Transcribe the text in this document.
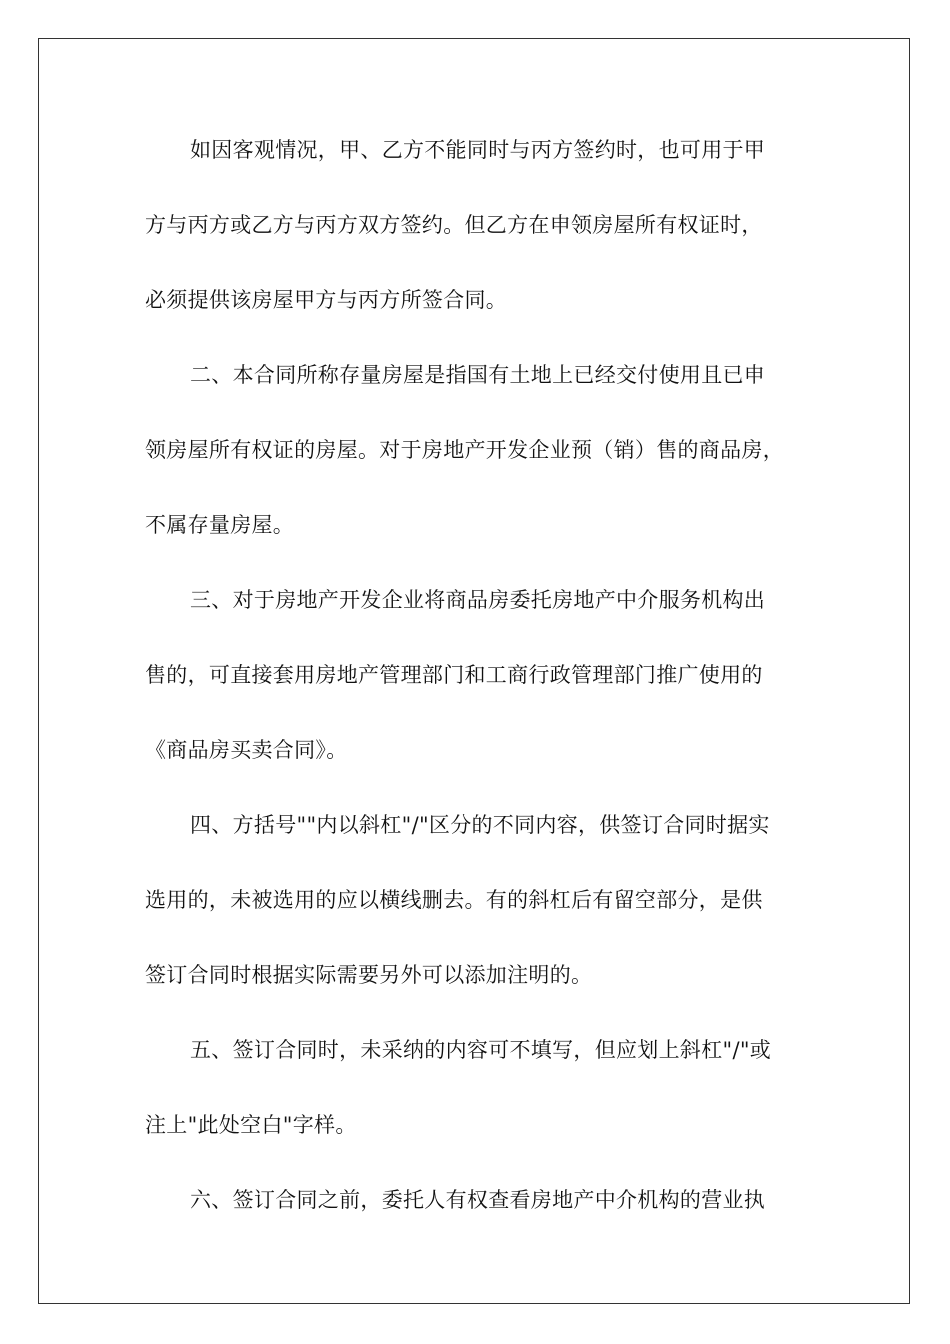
如因客观情况，甲、乙方不能同时与丙方签约时，也可用于甲
方与丙方或乙方与丙方双方签约。但乙方在申领房屋所有权证时，
必须提供该房屋甲方与丙方所签合同。
二、本合同所称存量房屋是指国有土地上已经交付使用且已申
领房屋所有权证的房屋。对于房地产开发企业预（销）售的商品房，
不属存量房屋。
三、对于房地产开发企业将商品房委托房地产中介服务机构出
售的，可直接套用房地产管理部门和工商行政管理部门推广使用的
《商品房买卖合同》。
四、方括号""内以斜杠"/"区分的不同内容，供签订合同时据实
选用的，未被选用的应以横线删去。有的斜杠后有留空部分，是供
签订合同时根据实际需要另外可以添加注明的。
五、签订合同时，未采纳的内容可不填写，但应划上斜杠"/"或
注上"此处空白"字样。
六、签订合同之前，委托人有权查看房地产中介机构的营业执
